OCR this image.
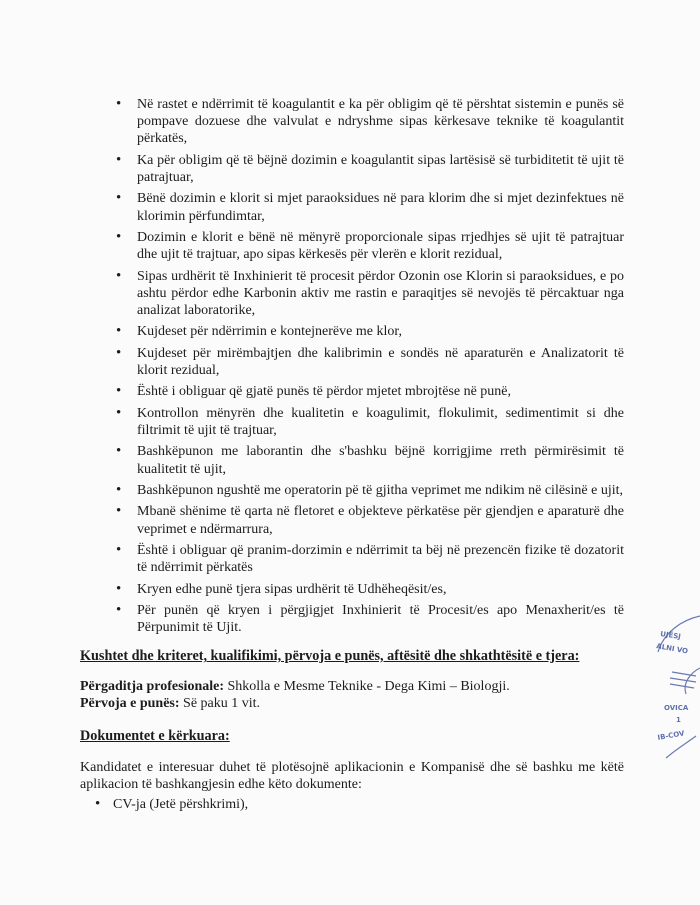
• Në rastet e ndërrimit të koagulantit e ka për obligim që të përshtat sistemin e punës së pompave dozuese dhe valvulat e ndryshme sipas kërkesave teknike të koagulantit përkatës,
• Ka për obligim që të bëjnë dozimin e koagulantit sipas lartësisë së turbiditetit të ujit të patrajtuar,
• Bënë dozimin e klorit si mjet paraoksidues në para klorim dhe si mjet dezinfektues në klorimin përfundimtar,
• Dozimin e klorit e bënë në mënyrë proporcionale sipas rrjedhjes së ujit të patrajtuar dhe ujit të trajtuar, apo sipas kërkesës për vlerën e klorit rezidual,
• Sipas urdhërit të Inxhinierit të procesit përdor Ozonin ose Klorin si paraoksidues, e po ashtu përdor edhe Karbonin aktiv me rastin e paraqitjes së nevojës të përcaktuar nga analizat laboratorike,
• Kujdeset për ndërrimin e kontejnerëve me klor,
• Kujdeset për mirëmbajtjen dhe kalibrimin e sondës në aparaturën e Analizatorit të klorit rezidual,
• Është i obliguar që gjatë punës të përdor mjetet mbrojtëse në punë,
• Kontrollon mënyrën dhe kualitetin e koagulimit, flokulimit, sedimentimit si dhe filtrimit të ujit të trajtuar,
• Bashkëpunon me laborantin dhe s'bashku bëjnë korrigjime rreth përmirësimit të kualitetit të ujit,
• Bashkëpunon ngushtë me operatorin pë të gjitha veprimet me ndikim në cilësinë e ujit,
• Mbanë shënime të qarta në fletoret e objekteve përkatëse për gjendjen e aparaturë dhe veprimet e ndërmarrura,
• Është i obliguar që pranim-dorzimin e ndërrimit ta bëj në prezencën fizike të dozatorit të ndërrimit përkatës
• Kryen edhe punë tjera sipas urdhërit të Udhëheqësit/es,
• Për punën që kryen i përgjigjet Inxhinierit të Procesit/es apo Menaxherit/es të Përpunimit të Ujit.
Kushtet dhe kriteret, kualifikimi, përvoja e punës, aftësitë dhe shkathtësitë e tjera:
Përgaditja profesionale: Shkolla e Mesme Teknike - Dega Kimi – Biologji.
Përvoja e punës: Së paku 1 vit.
Dokumentet e kërkuara:
Kandidatet e interesuar duhet të plotësojnë aplikacionin e Kompanisë dhe së bashku me këtë aplikacion të bashkangjesin edhe këto dokumente:
• CV-ja (Jetë përshkrimi),
UJËSJ
ALNI VO
OVICA
1
IB-COV
